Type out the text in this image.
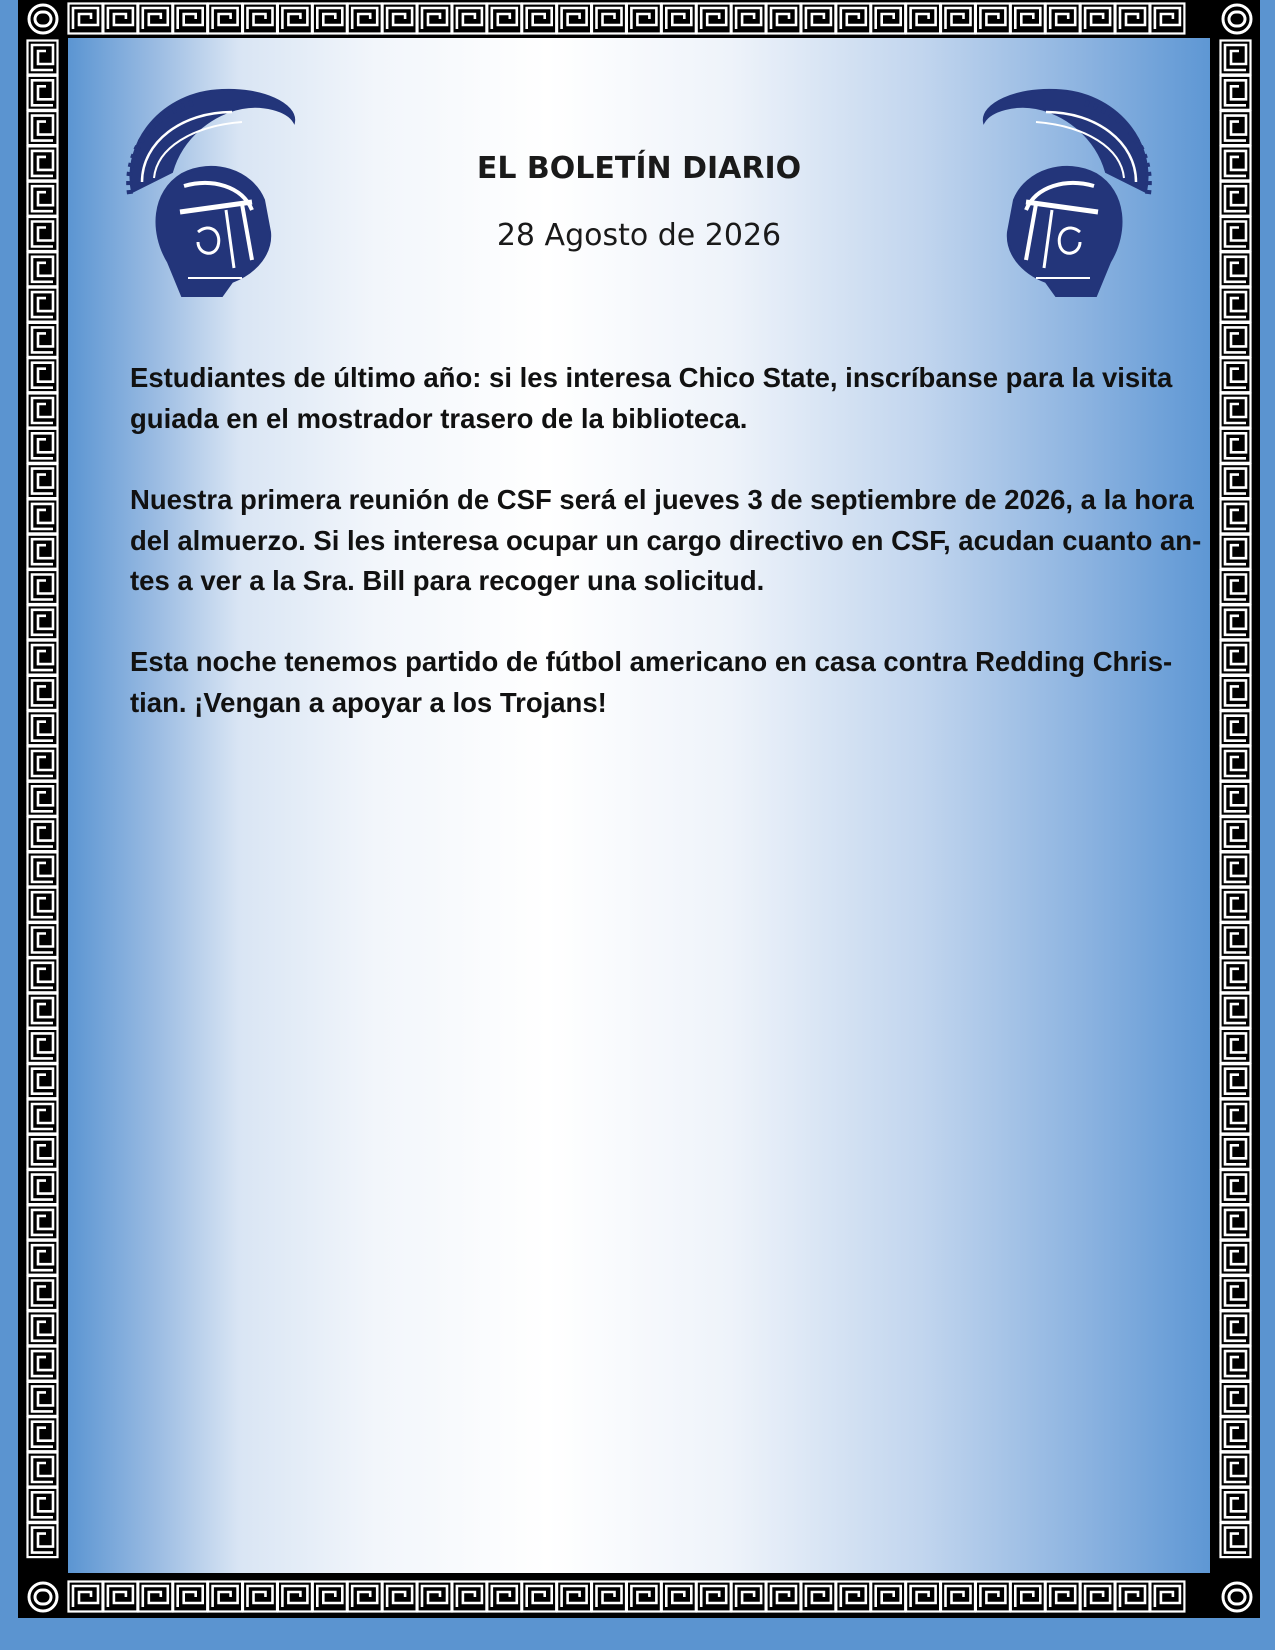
EL BOLETÍN DIARIO
28 Agosto de 2026

Estudiantes de último año: si les interesa Chico State, inscríbanse para la visita
guiada en el mostrador trasero de la biblioteca.

Nuestra primera reunión de CSF será el jueves 3 de septiembre de 2026, a la hora
del almuerzo. Si les interesa ocupar un cargo directivo en CSF, acudan cuanto an-
tes a ver a la Sra. Bill para recoger una solicitud.

Esta noche tenemos partido de fútbol americano en casa contra Redding Chris-
tian. ¡Vengan a apoyar a los Trojans!
